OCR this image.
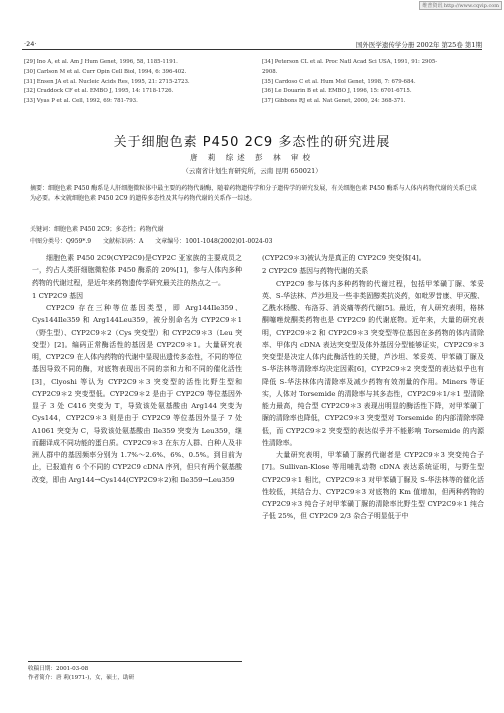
维普资讯 http://www.cqvip.com
·24·	国外医学遗传学分册 2002年 第25卷 第1期
[29] Ino A, et al. Am J Hum Genet, 1996, 58, 1185-1191.
[30] Carlson M et al. Curr Opin Cell Biol, 1994, 6: 396-402.
[31] Ensen JA et al. Nucleic Acids Res, 1995, 21: 2715-2723.
[32] Craddock CF et al. EMBO J, 1995, 14: 1718-1726.
[33] Vyas P et al. Cell, 1992, 69: 781-793.
[34] Peterson CL et al. Proc Natl Acad Sci USA, 1991, 91: 2905-
2908.
[35] Cardoso C et al. Hum Mol Genet, 1998, 7: 679-684.
[36] Le Douarin B et al. EMBO J, 1996, 15: 6701-6715.
[37] Gibbons RJ et al. Nat Genet, 2000, 24: 368-371.
关于细胞色素 P450 2C9 多态性的研究进展
唐 莉 综述 彭 林 审校
（云南省计划生育研究所，云南 昆明 650021）
摘要：细胞色素 P450 酶系是人肝细胞微粒体中最主要的药物代谢酶，随着药物遗传学和分子遗传学的研究发展，有关细胞色素 P450 酶系与人体内药物代谢的关系已成为必要。本文就细胞色素 P450 2C9 的遗传多态性及其与药物代谢的关系作一综述。
关键词：细胞色素 P450 2C9；多态性；药物代谢
中图分类号：Q959*.9 文献标识码：A 文章编号：1001-1048(2002)01-0024-03

细胞色素 P450 2C9(CYP2C9)是CYP2C 亚家族的主要成员之一，约占人类肝细胞微粒体 P450 酶系的 20%[1]，参与人体内多种药物的代谢过程，是近年来药物遗传学研究最关注的热点之一。

1 CYP2C9 基因

CYP2C9 存在三种等位基因类型，即 Arg144Ile359、Cys144Ile359 和 Arg144Leu359，被分别命名为 CYP2C9＊1（野生型）、CYP2C9＊2（Cys 突变型）和 CYP2C9＊3（Leu 突变型）[2]。编码正常酶活性的基因是 CYP2C9＊1。大量研究表明，CYP2C9 在人体内药物的代谢中显现出遗传多态性，不同的等位基因导致不同的酶，对底物表现出不同的亲和力和不同的催化活性[3]，Clyoshi 等认为 CYP2C9＊3 突变型的活性比野生型和 CYP2C9＊2 突变型低。CYP2C9＊2 是由于 CYP2C9 等位基因外显子 3 处 C416 突变为 T，导致该处氨基酸由 Arg144 突变为 Cys144，CYP2C9＊3 则是由于 CYP2C9 等位基因外显子 7 处 A1061 突变为 C，导致该处氨基酸由 Ile359 突变为 Leu359，继而翻译成不同功能的蛋白质。CYP2C9＊3 在东方人群、白种人及非洲人群中的基因频率分别为 1.7%～2.6%、6%、0.5%。到目前为止，已报道有 6 个不同的 CYP2C9 cDNA 序列，但只有两个氨基酸改变，即由 Arg144→Cys144(CYP2C9＊2)和 Ile359→Leu359

(CYP2C9＊3)被认为是真正的 CYP2C9 突变体[4]。

2 CYP2C9 基因与药物代谢的关系

CYP2C9 参与体内多种药物的代谢过程，包括甲苯磺丁脲、苯妥英、S-华法林、芦沙坦及一些非类固醇类抗炎药，如吡罗昔康、甲灭酸、乙酰水杨酸、布洛芬、消炎痛等药代谢[5]。最近，有人研究表明，格林酮噻唑烷酮类药物也是 CYP2C9 的代谢底物。近年来，大量的研究表明，CYP2C9＊2 和 CYP2C9＊3 突变型等位基因在多药物的体内清除率、甲体内 cDNA 表达突变型及体外基因分型能够证实，CYP2C9＊3 突变型是决定人体内此酶活性的关键，芦沙坦、苯妥英、甲苯磺丁脲及 S-华法林等清除率均决定因素[6]，CYP2C9＊2 突变型的表达似乎也有降低 S-华法林体内清除率及减少药物有效剂量的作用。Miners 等证实，人体对 Torsemide 的清除率与其多态性，CYP2C9＊1/＊1 型清除能力最高，纯合型 CYP2C9＊3 表现出明显的酶活性下降，对甲苯磺丁脲的清除率也降低，CYP2C9＊3 突变型对 Torsemide 的内部清除率降低，而 CYP2C9＊2 突变型的表达似乎并不能影响 Torsemide 的内源性清除率。

大量研究表明，甲苯磺丁脲药代谢者是 CYP2C9＊3 突变纯合子[7]。Sullivan-Klose 等用哺乳动物 cDNA 表达系统证明，与野生型 CYP2C9＊1 相比，CYP2C9＊3 对甲苯磺丁脲及 S-华法林等的催化活性较低，其结合力、CYP2C9＊3 对底物的 Km 值增加，但两种药物的 CYP2C9＊3 纯合子对甲苯磺丁脲的清除率比野生型 CYP2C9＊1 纯合子低 25%，但 CYP2C9 2/3 杂合子明显低于中

收稿日期：2001-03-08
作者简介：唐 莉(1971-)，女，硕士，助研
